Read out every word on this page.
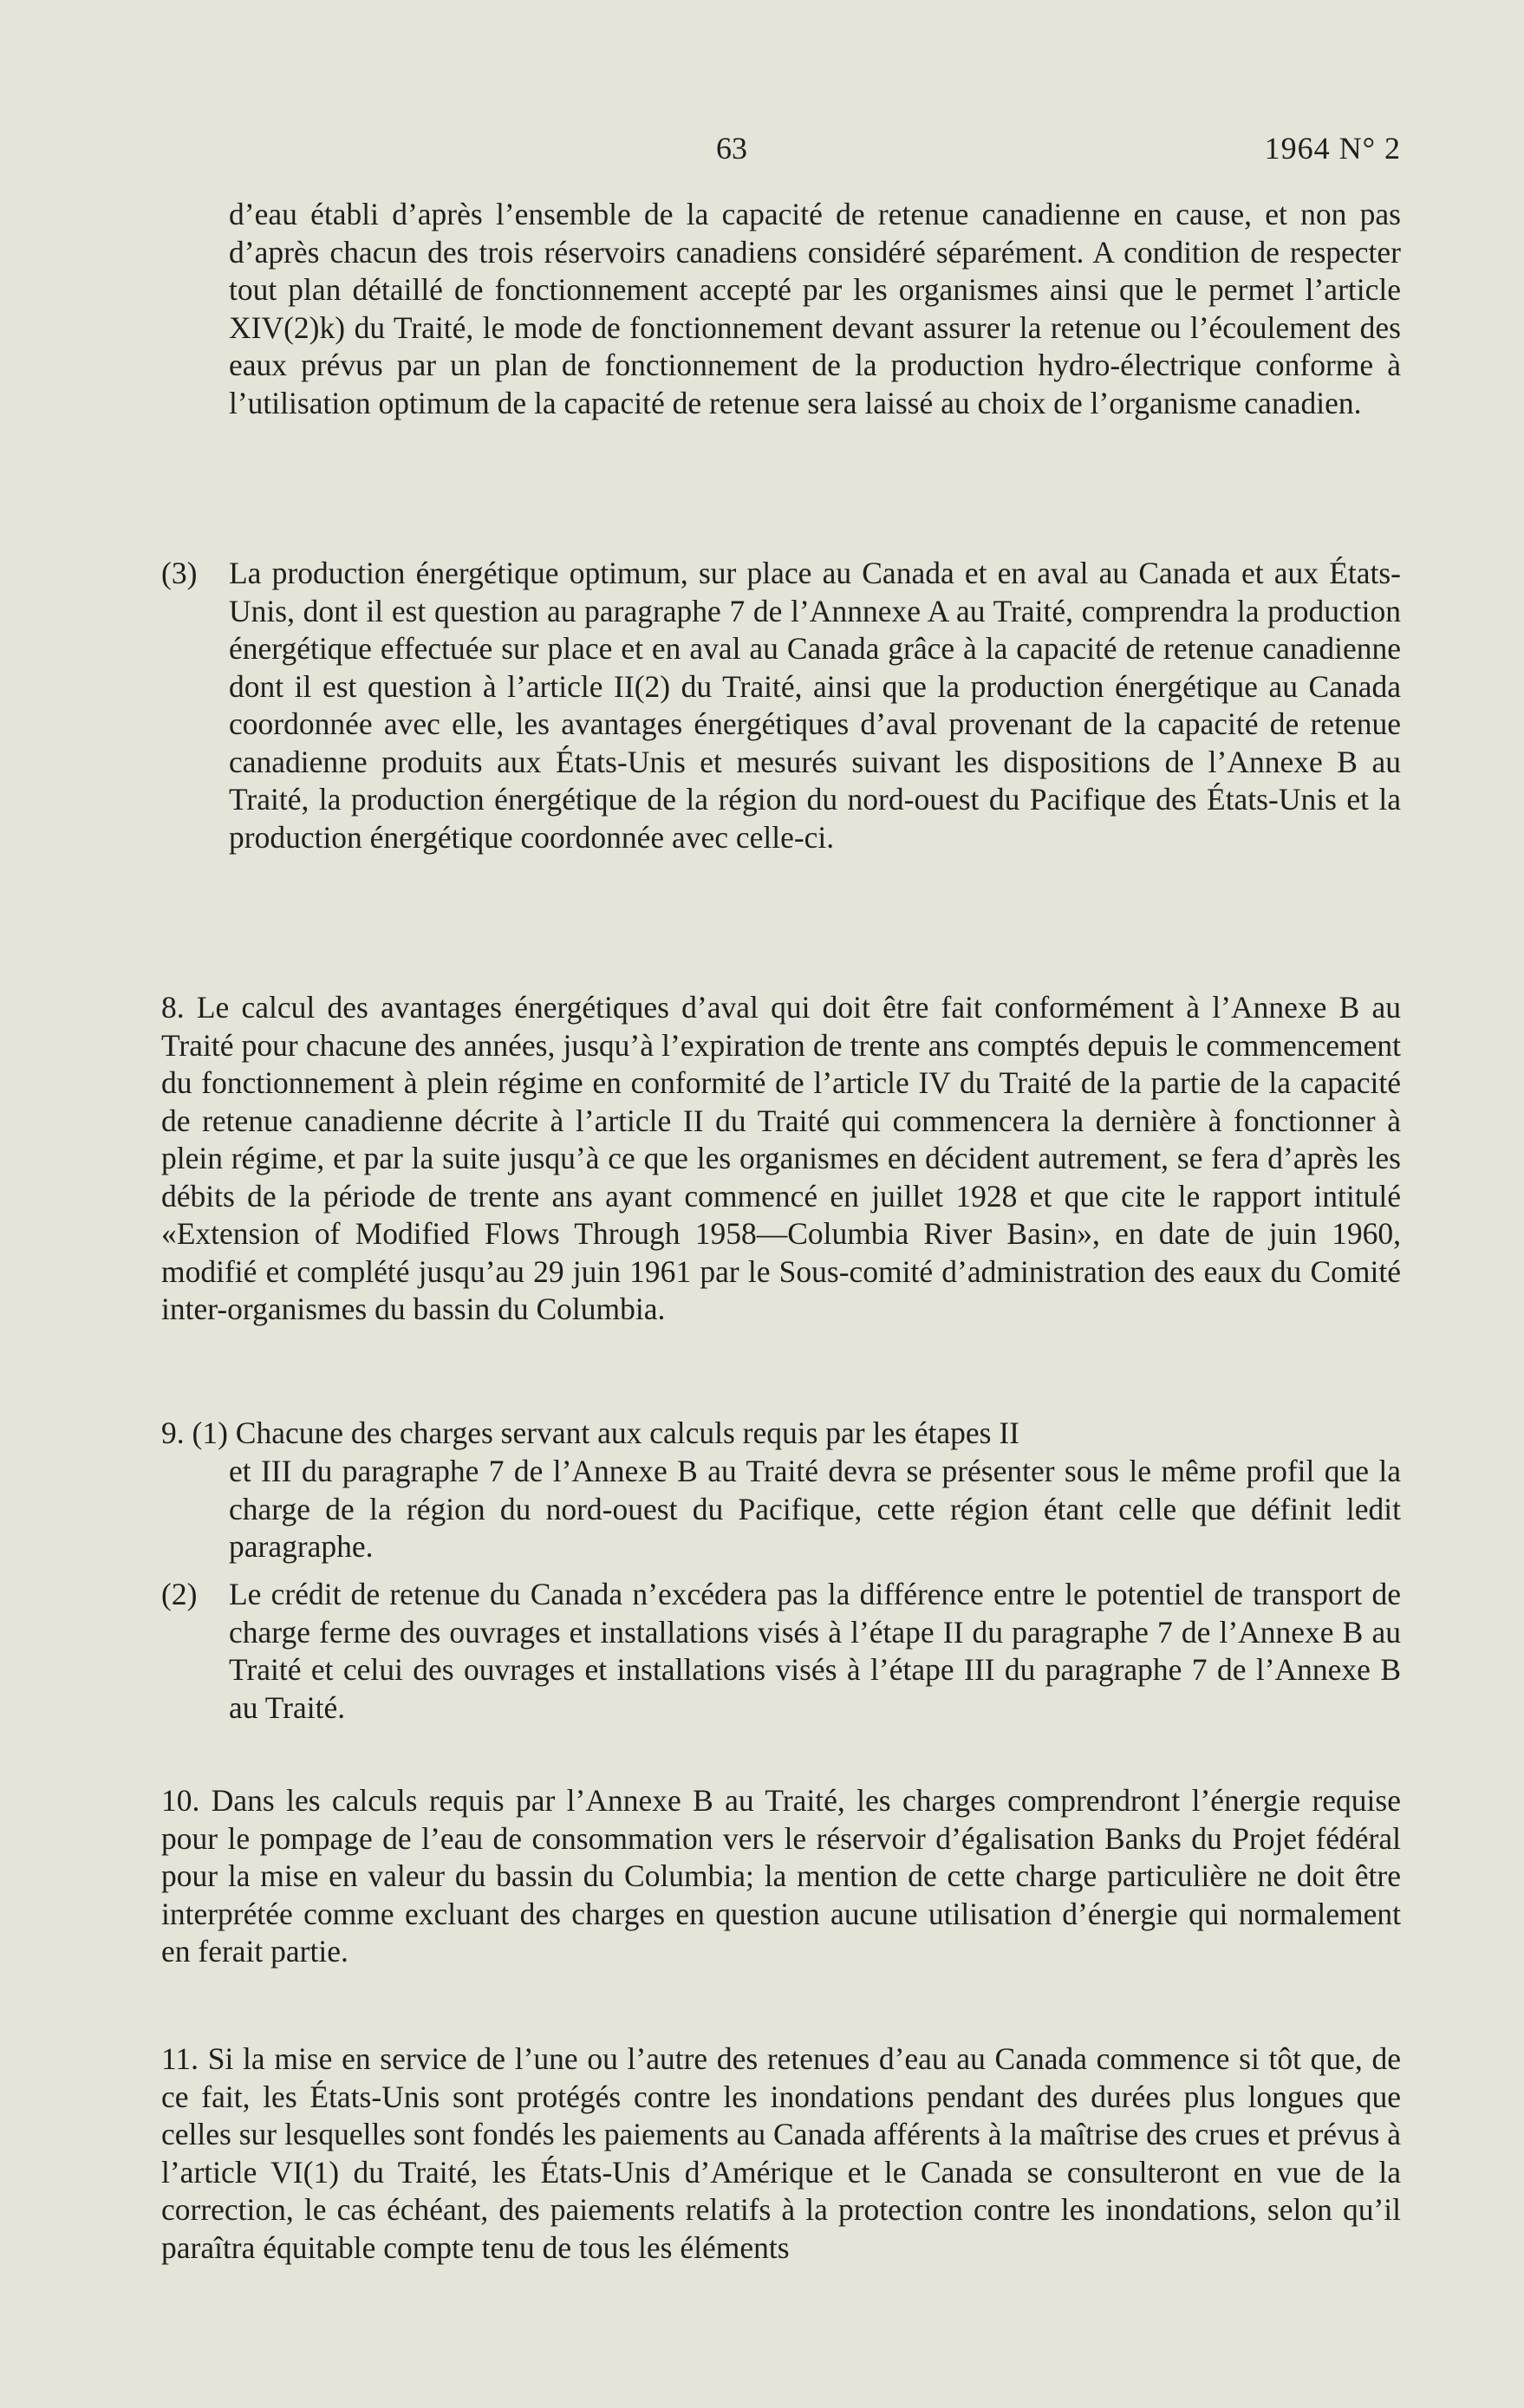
63	1964 N° 2

d’eau établi d’après l’ensemble de la capacité de retenue canadienne en cause, et non pas d’après chacun des trois réservoirs canadiens considéré séparément. A condition de respecter tout plan détaillé de fonctionnement accepté par les organismes ainsi que le permet l’article XIV(2)k) du Traité, le mode de fonctionnement devant assurer la retenue ou l’écoulement des eaux prévus par un plan de fonctionnement de la production hydro-électrique conforme à l’utilisation optimum de la capacité de retenue sera laissé au choix de l’organisme canadien.

(3) La production énergétique optimum, sur place au Canada et en aval au Canada et aux États-Unis, dont il est question au paragraphe 7 de l’Annnexe A au Traité, comprendra la production énergétique effectuée sur place et en aval au Canada grâce à la capacité de retenue canadienne dont il est question à l’article II(2) du Traité, ainsi que la production énergétique au Canada coordonnée avec elle, les avantages énergétiques d’aval provenant de la capacité de retenue canadienne produits aux États-Unis et mesurés suivant les dispositions de l’Annexe B au Traité, la production énergétique de la région du nord-ouest du Pacifique des États-Unis et la production énergétique coordonnée avec celle-ci.

8. Le calcul des avantages énergétiques d’aval qui doit être fait conformément à l’Annexe B au Traité pour chacune des années, jusqu’à l’expiration de trente ans comptés depuis le commencement du fonctionnement à plein régime en conformité de l’article IV du Traité de la partie de la capacité de retenue canadienne décrite à l’article II du Traité qui commencera la dernière à fonctionner à plein régime, et par la suite jusqu’à ce que les organismes en décident autrement, se fera d’après les débits de la période de trente ans ayant commencé en juillet 1928 et que cite le rapport intitulé «Extension of Modified Flows Through 1958—Columbia River Basin», en date de juin 1960, modifié et complété jusqu’au 29 juin 1961 par le Sous-comité d’administration des eaux du Comité inter-organismes du bassin du Columbia.

9. (1) Chacune des charges servant aux calculs requis par les étapes II

et III du paragraphe 7 de l’Annexe B au Traité devra se présenter sous le même profil que la charge de la région du nord-ouest du Pacifique, cette région étant celle que définit ledit paragraphe.

(2) Le crédit de retenue du Canada n’excédera pas la différence entre le potentiel de transport de charge ferme des ouvrages et installations visés à l’étape II du paragraphe 7 de l’Annexe B au Traité et celui des ouvrages et installations visés à l’étape III du paragraphe 7 de l’Annexe B au Traité.

10. Dans les calculs requis par l’Annexe B au Traité, les charges comprendront l’énergie requise pour le pompage de l’eau de consommation vers le réservoir d’égalisation Banks du Projet fédéral pour la mise en valeur du bassin du Columbia; la mention de cette charge particulière ne doit être interprétée comme excluant des charges en question aucune utilisation d’énergie qui normalement en ferait partie.

11. Si la mise en service de l’une ou l’autre des retenues d’eau au Canada commence si tôt que, de ce fait, les États-Unis sont protégés contre les inondations pendant des durées plus longues que celles sur lesquelles sont fondés les paiements au Canada afférents à la maîtrise des crues et prévus à l’article VI(1) du Traité, les États-Unis d’Amérique et le Canada se consulteront en vue de la correction, le cas échéant, des paiements relatifs à la protection contre les inondations, selon qu’il paraîtra équitable compte tenu de tous les éléments
